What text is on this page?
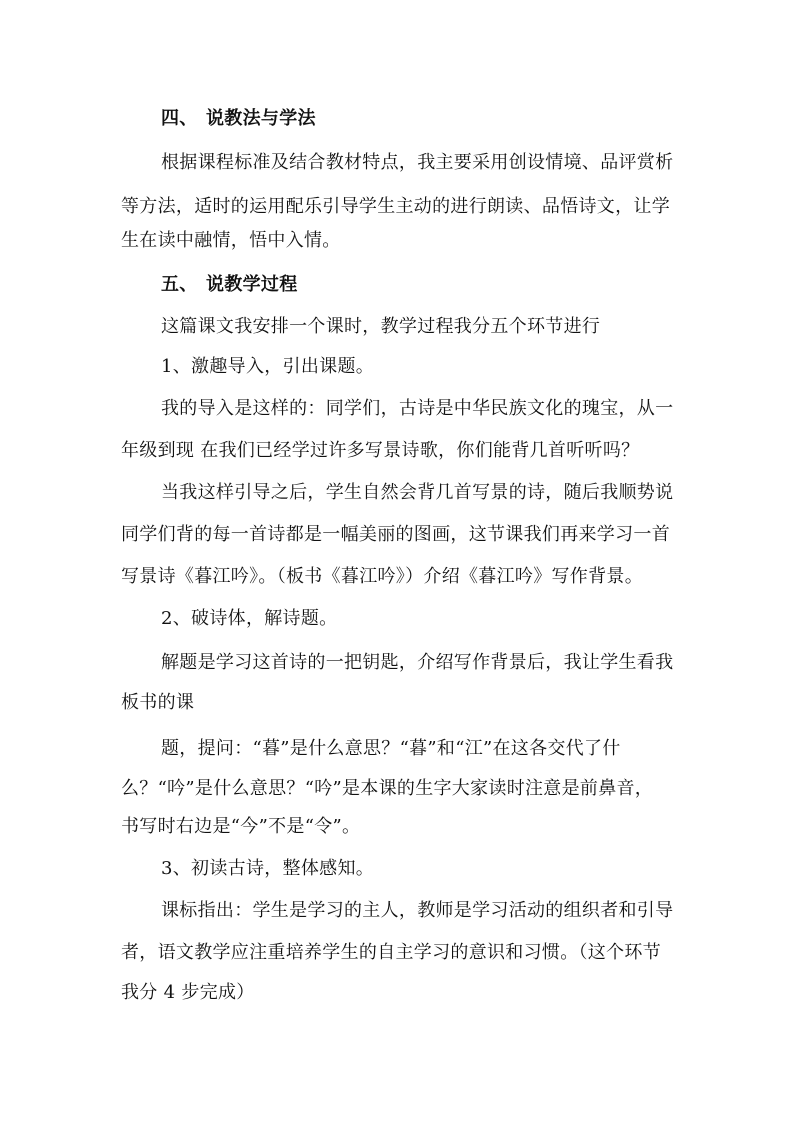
四、 说教法与学法
根据课程标准及结合教材特点，我主要采用创设情境、品评赏析
等方法，适时的运用配乐引导学生主动的进行朗读、品悟诗文，让学
生在读中融情，悟中入情。
五、 说教学过程
这篇课文我安排一个课时，教学过程我分五个环节进行
1、激趣导入，引出课题。
我的导入是这样的：同学们，古诗是中华民族文化的瑰宝，从一
年级到现 在我们已经学过许多写景诗歌，你们能背几首听听吗？
当我这样引导之后，学生自然会背几首写景的诗，随后我顺势说
同学们背的每一首诗都是一幅美丽的图画，这节课我们再来学习一首
写景诗《暮江吟》。（板书《暮江吟》）介绍《暮江吟》写作背景。
2、破诗体，解诗题。
解题是学习这首诗的一把钥匙，介绍写作背景后，我让学生看我
板书的课
题，提问：“暮”是什么意思？“暮”和“江”在这各交代了什
么？“吟”是什么意思？“吟”是本课的生字大家读时注意是前鼻音，
书写时右边是“今”不是“令”。
3、初读古诗，整体感知。
课标指出：学生是学习的主人，教师是学习活动的组织者和引导
者，语文教学应注重培养学生的自主学习的意识和习惯。（这个环节
我分 4 步完成）
